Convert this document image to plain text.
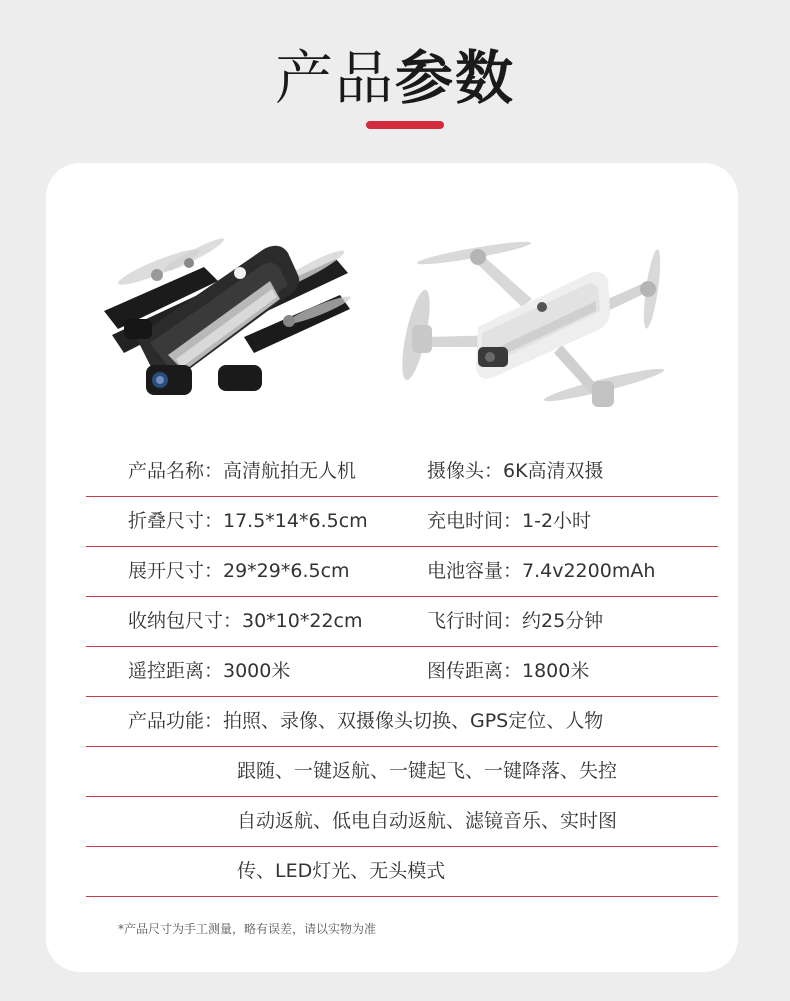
产品参数
产品名称：高清航拍无人机	摄像头：6K高清双摄
折叠尺寸：17.5*14*6.5cm	充电时间：1-2小时
展开尺寸：29*29*6.5cm	电池容量：7.4v2200mAh
收纳包尺寸：30*10*22cm	飞行时间：约25分钟
遥控距离：3000米	图传距离：1800米
产品功能：拍照、录像、双摄像头切换、GPS定位、人物
跟随、一键返航、一键起飞、一键降落、失控
自动返航、低电自动返航、滤镜音乐、实时图
传、LED灯光、无头模式
*产品尺寸为手工测量，略有误差，请以实物为准
